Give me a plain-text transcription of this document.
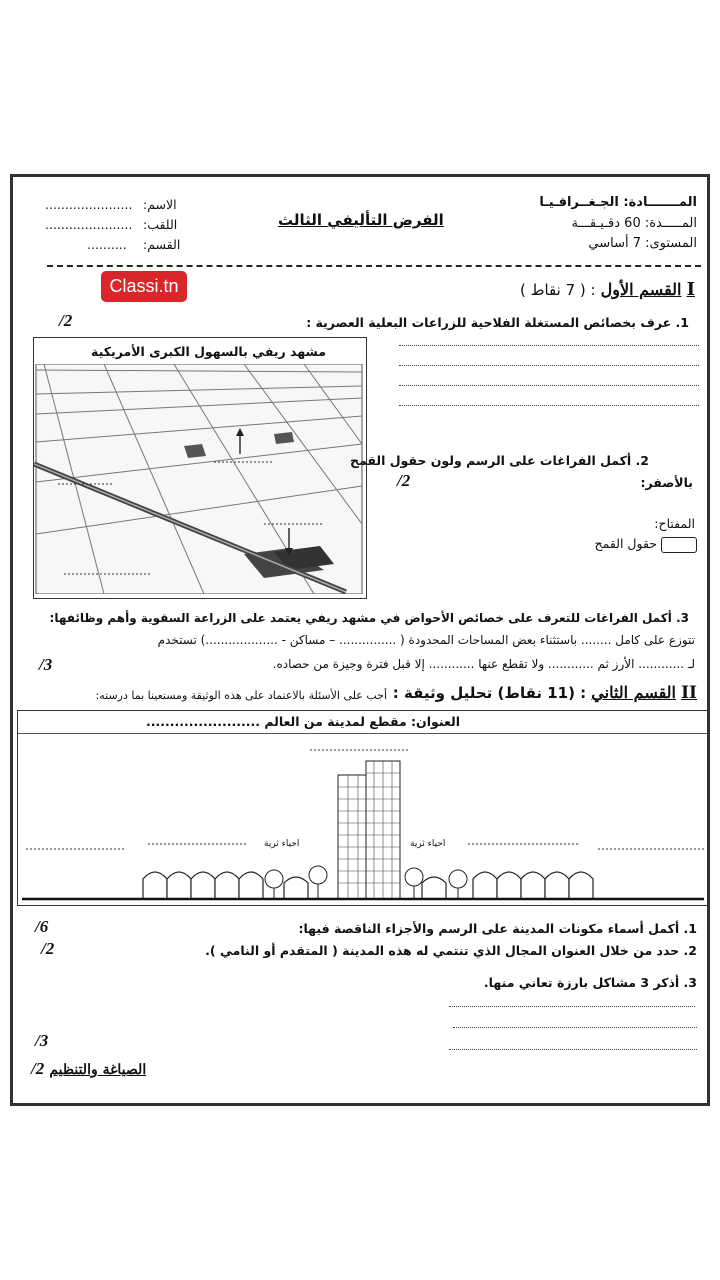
المـــــــادة: الجـغــرافـيـا
المـــــدة: 60 دقـيـقـــة
المستوى: 7 أساسي
الفرض التأليفي الثالث
الاسم:
......................
اللقب:
......................
القسم:
..........
Classi.tn	I القسم الأول : ( 7 نقاط )
1. عرف بخصائص المستغلة الفلاحية للزراعات البعلية العصرية :
/2
مشهد ريفي بالسهول الكبرى الأمريكية
2. أكمل الفراغات على الرسم ولون حقول القمح
بالأصفر:
/2
المفتاح:
حقول القمح
3. أكمل الفراغات للتعرف على خصائص الأحواض في مشهد ريفي يعتمد على الزراعة السقوية وأهم وظائفها:
تتوزع على كامل ........ باستثناء بعض المساحات المحدودة ( ............... – مساكن - ...................) تستخدم
لـ ............ الأرز ثم ............ ولا تقطع عنها ............ إلا قبل فترة وجيزة من حصاده.
/3
II القسم الثاني : (11 نقاط) تحليل وثيقة :
أجب على الأسئلة بالاعتماد على هذه الوثيقة ومستعينا بما درسته:
العنوان: مقطع لمدينة من العالم ........................
احياء ثرية	احياء ثرية
1. أكمل أسماء مكونات المدينة على الرسم والأجزاء الناقصة فيها:
/6
2. حدد من خلال العنوان المجال الذي تنتمي له هذه المدينة ( المتقدم أو النامي ).
/2
3. أذكر 3 مشاكل بارزة تعاني منها.
/3
/2 الصياغة والتنظيم
